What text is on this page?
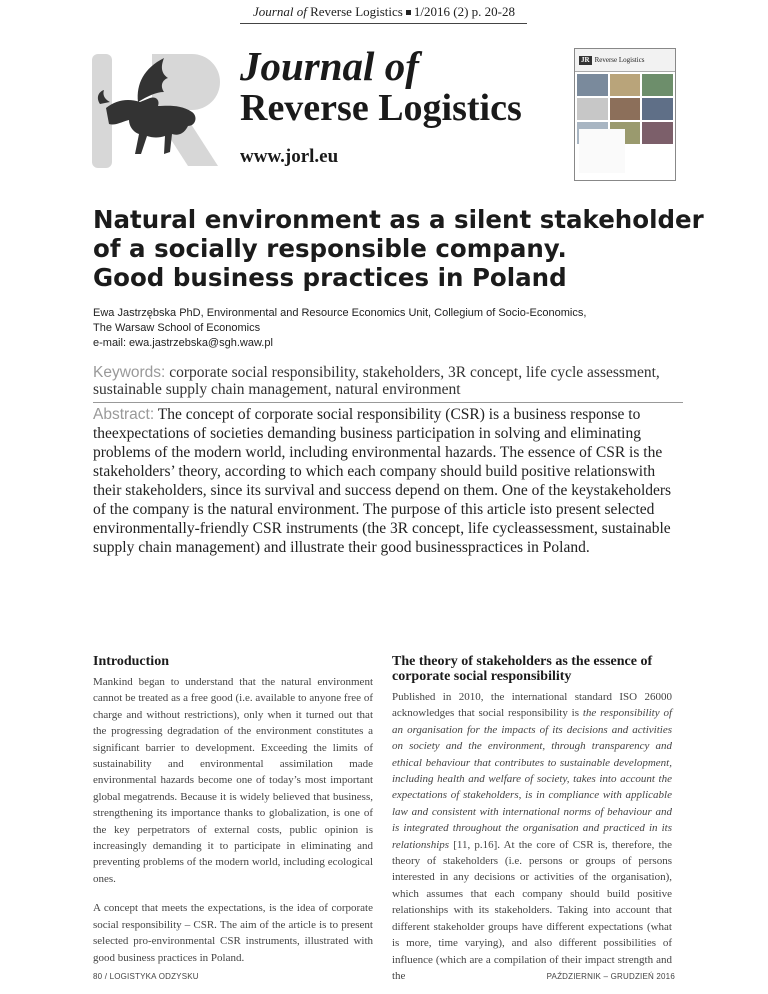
Journal of Reverse Logistics 1/2016 (2) p. 20-28
Journal of
Reverse Logistics
www.jorl.eu
JR Reverse Logistics
Natural environment as a silent stakeholder
of a socially responsible company.
Good business practices in Poland
Ewa Jastrzębska PhD, Environmental and Resource Economics Unit, Collegium of Socio-Economics,
The Warsaw School of Economics
e-mail: ewa.jastrzebska@sgh.waw.pl
Keywords: corporate social responsibility, stakeholders, 3R concept, life cycle assessment, sustainable supply chain management, natural environment
Abstract: The concept of corporate social responsibility (CSR) is a business response to theexpectations of societies demanding business participation in solving and eliminating problems of the modern world, including environmental hazards. The essence of CSR is the stakeholders’ theory, according to which each company should build positive relationswith their stakeholders, since its survival and success depend on them. One of the keystakeholders of the company is the natural environment. The purpose of this article isto present selected environmentally-friendly CSR instruments (the 3R concept, life cycleassessment, sustainable supply chain management) and illustrate their good businesspractices in Poland.
Introduction

Mankind began to understand that the natural environment cannot be treated as a free good (i.e. available to anyone free of charge and without restrictions), only when it turned out that the progressing degradation of the environment constitutes a significant barrier to development. Exceeding the limits of sustainability and environmental assimilation made environmental hazards become one of today’s most important global megatrends. Because it is widely believed that business, strengthening its importance thanks to globalization, is one of the key perpetrators of external costs, public opinion is increasingly demanding it to participate in eliminating and preventing problems of the modern world, including ecological ones.

A concept that meets the expectations, is the idea of corporate social responsibility – CSR. The aim of the article is to present selected pro-environmental CSR instruments, illustrated with good business practices in Poland.

The theory of stakeholders as the essence of corporate social responsibility

Published in 2010, the international standard ISO 26000 acknowledges that social responsibility is the responsibility of an organisation for the impacts of its decisions and activities on society and the environment, through transparency and ethical behaviour that contributes to sustainable development, including health and welfare of society, takes into account the expectations of stakeholders, is in compliance with applicable law and consistent with international norms of behaviour and is integrated throughout the organisation and practiced in its relationships [11, p.16]. At the core of CSR is, therefore, the theory of stakeholders (i.e. persons or groups of persons interested in any decisions or activities of the organisation), which assumes that each company should build positive relationships with its stakeholders. Taking into account that different stakeholder groups have different expectations (what is more, time varying), and also different possibilities of influence (which are a compilation of their impact strength and the

80 / LOGISTYKA ODZYSKU	PAŹDZIERNIK – GRUDZIEŃ 2016
